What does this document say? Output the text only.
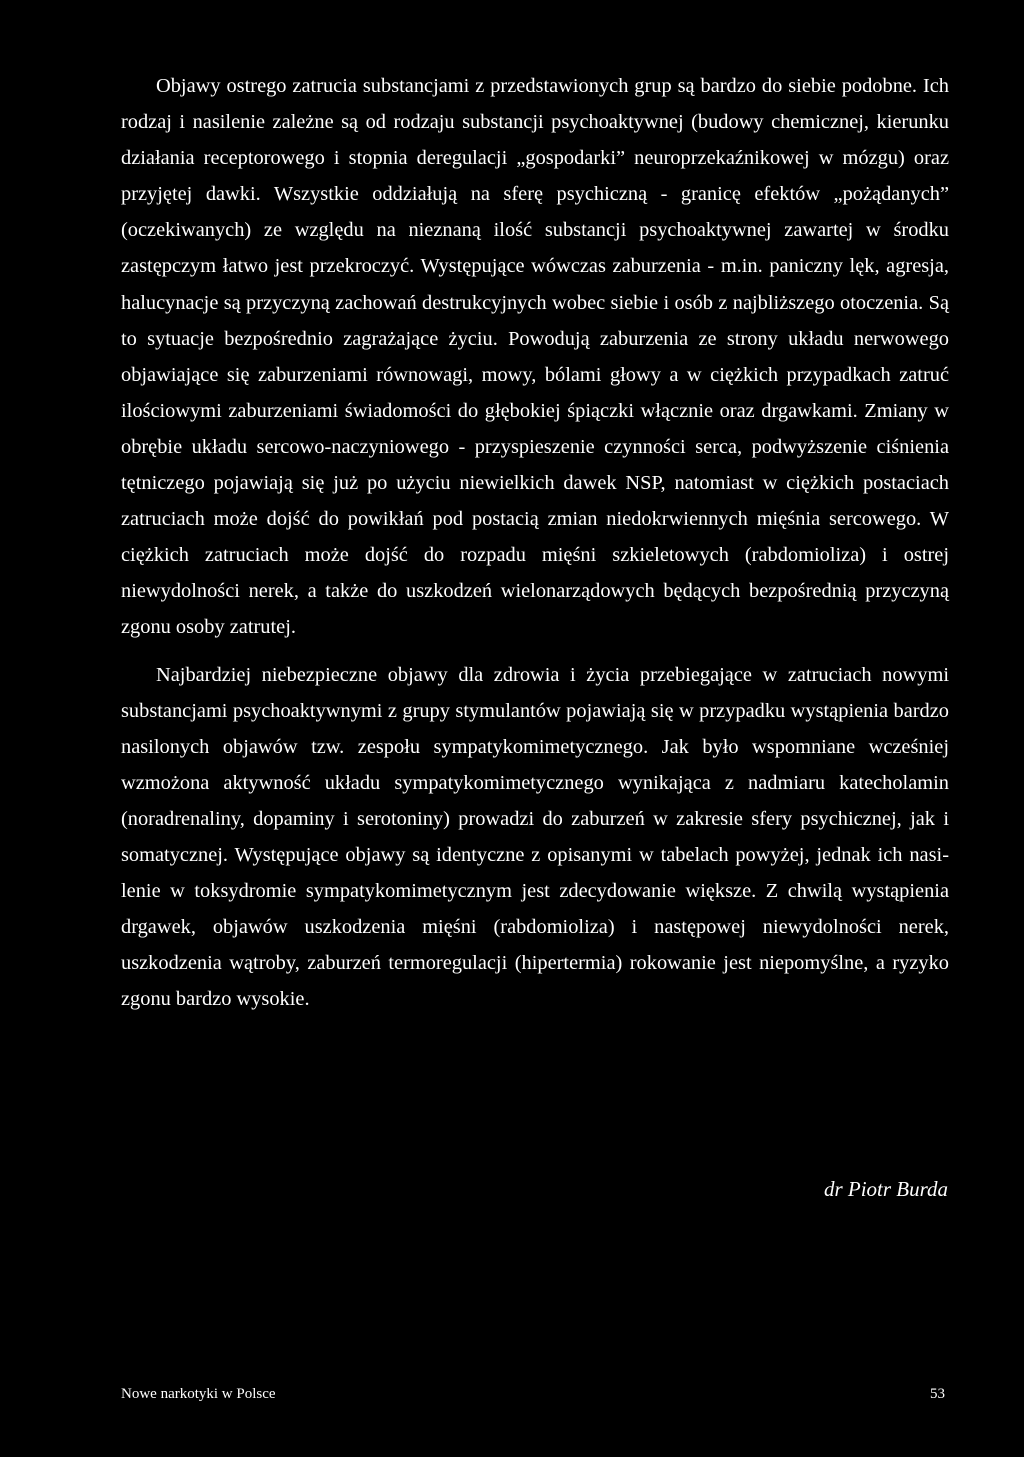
Objawy ostrego zatrucia substancjami z przedstawionych grup są bardzo do siebie podobne. Ich rodzaj i nasilenie zależne są od rodzaju substancji psychoaktywnej (budowy chemicznej, kierunku działania receptorowego i stopnia deregulacji „gospodarki” neuroprzekaźnikowej w mózgu) oraz przyjętej dawki. Wszystkie oddziałują na sferę psychiczną - granicę efektów „pożądanych” (oczekiwanych) ze względu na nieznaną ilość substancji psychoaktywnej zawartej w środku zastępczym łatwo jest przekroczyć. Występujące wówczas zaburzenia - m.in. paniczny lęk, agresja, halucynacje są przyczyną zachowań destrukcyjnych wobec siebie i osób z najbliższego otoczenia. Są to sytuacje bezpośrednio zagrażające życiu. Powodują zaburzenia ze strony układu nerwowego objawiające się zaburzeniami równowagi, mowy, bólami głowy a w ciężkich przypadkach zatruć ilościowymi zaburzeniami świadomości do głębokiej śpiączki włącznie oraz drgawkami. Zmiany w obrębie układu sercowo-naczyniowego - przyspieszenie czynności serca, podwyższenie ciśnienia tętniczego pojawiają się już po użyciu niewielkich dawek NSP, natomiast w ciężkich postaciach zatruciach może dojść do powikłań pod postacią zmian niedokrwiennych mięśnia sercowego. W ciężkich zatruciach może dojść do rozpadu mięśni szkieletowych (rabdomioliza) i ostrej niewydolności nerek, a także do uszkodzeń wielonarządowych będących bezpośrednią przyczyną zgonu osoby zatrutej.

Najbardziej niebezpieczne objawy dla zdrowia i życia przebiegające w zatruciach nowymi substancjami psychoaktywnymi z grupy stymulantów pojawiają się w przypadku wystąpienia bardzo nasilonych objawów tzw. zespołu sympatykomimetycznego. Jak było wspomniane wcześniej wzmożona aktywność układu sympatykomimetycznego wynikająca z nadmiaru katecholamin (noradrenaliny, dopaminy i serotoniny) prowadzi do zaburzeń w zakresie sfery psychicznej, jak i somatycznej. Występujące objawy są identyczne z opisanymi w tabelach powyżej, jednak ich nasilenie w toksydromie sympatykomimetycznym jest zdecydowanie większe. Z chwilą wystąpienia drgawek, objawów uszkodzenia mięśni (rabdomioliza) i następowej niewydolności nerek, uszkodzenia wątroby, zaburzeń termoregulacji (hipertermia) rokowanie jest niepomyślne, a ryzyko zgonu bardzo wysokie.

dr Piotr Burda
Nowe narkotyki w Polsce	53
